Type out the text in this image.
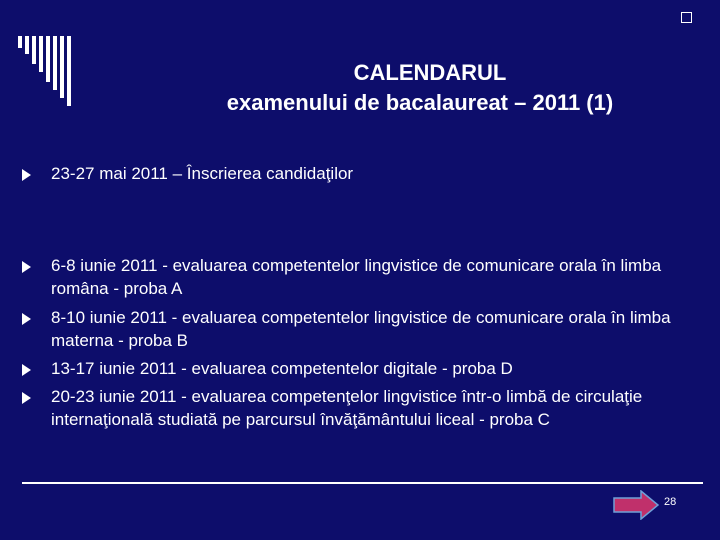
CALENDARUL
examenului de bacalaureat – 2011 (1)
23-27 mai 2011 – Înscrierea candidaţilor
6-8 iunie 2011 - evaluarea competentelor lingvistice de comunicare orala în limba româna - proba A
8-10 iunie 2011 - evaluarea competentelor lingvistice de comunicare orala în limba materna - proba B
13-17 iunie 2011 - evaluarea competentelor digitale - proba D
20-23 iunie 2011 - evaluarea competenţelor lingvistice într-o limbă de circulaţie internaţională studiată pe parcursul învăţământului liceal - proba C
28
